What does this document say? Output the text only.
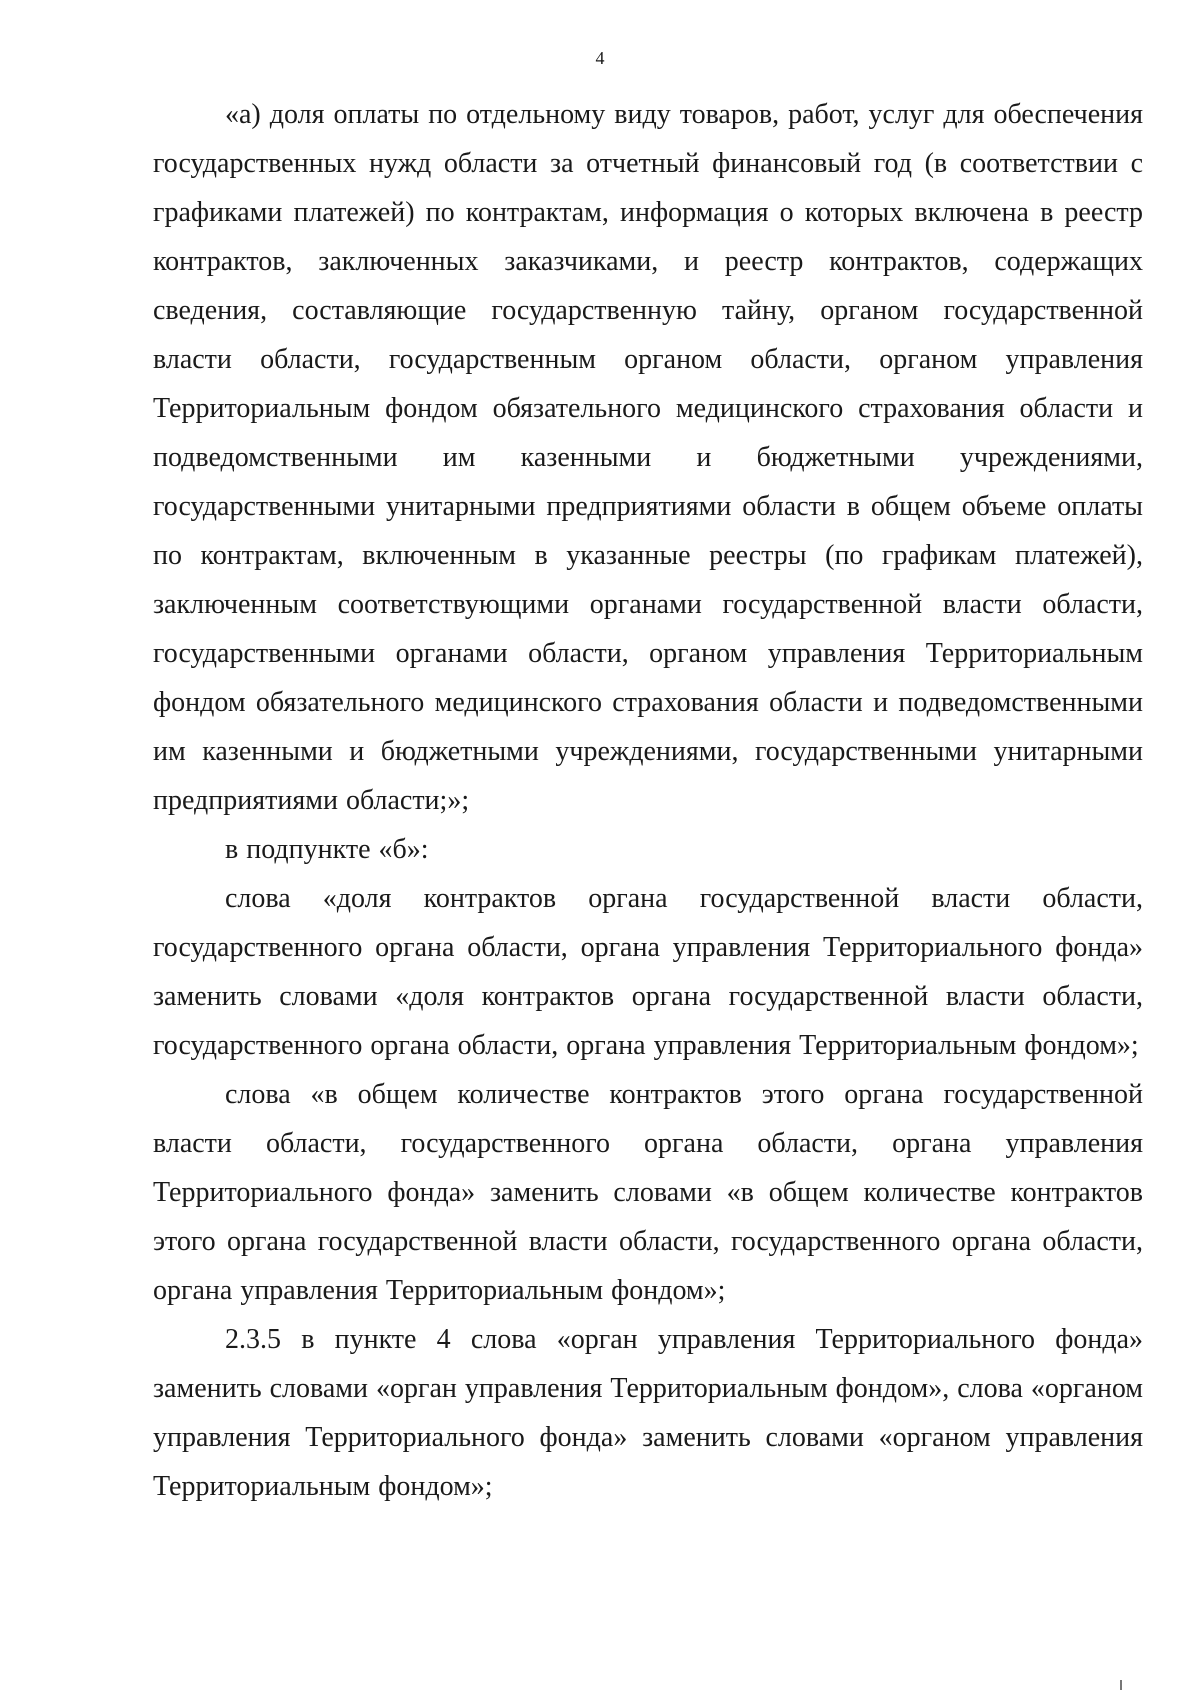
4

«а) доля оплаты по отдельному виду товаров, работ, услуг для обеспечения государственных нужд области за отчетный финансовый год (в соответствии с графиками платежей) по контрактам, информация о которых включена в реестр контрактов, заключенных заказчиками, и реестр контрактов, содержащих сведения, составляющие государственную тайну, органом государственной власти области, государственным органом области, органом управления Территориальным фондом обязательного медицинского страхования области и подведомственными им казенными и бюджетными учреждениями, государственными унитарными предприятиями области в общем объеме оплаты по контрактам, включенным в указанные реестры (по графикам платежей), заключенным соответствующими органами государственной власти области, государственными органами области, органом управления Территориальным фондом обязательного медицинского страхования области и подведомственными им казенными и бюджетными учреждениями, государственными унитарными предприятиями области;»;

в подпункте «б»:

слова «доля контрактов органа государственной власти области, государственного органа области, органа управления Территориального фонда» заменить словами «доля контрактов органа государственной власти области, государственного органа области, органа управления Территориальным фондом»;

слова «в общем количестве контрактов этого органа государственной власти области, государственного органа области, органа управления Территориального фонда» заменить словами «в общем количестве контрактов этого органа государственной власти области, государственного органа области, органа управления Территориальным фондом»;

2.3.5 в пункте 4 слова «орган управления Территориального фонда» заменить словами «орган управления Территориальным фондом», слова «органом управления Территориального фонда» заменить словами «органом управления Территориальным фондом»;
